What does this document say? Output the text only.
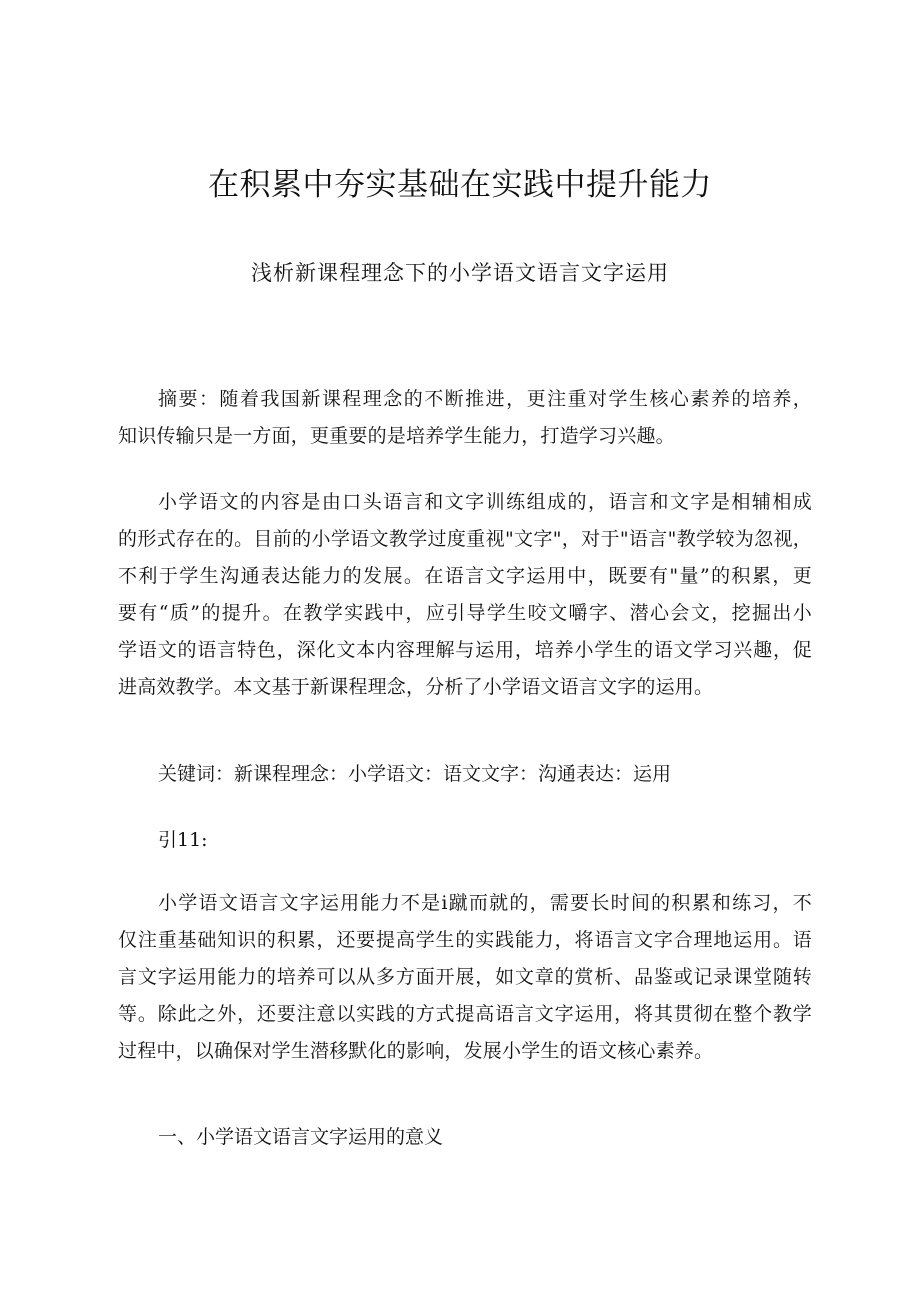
在积累中夯实基础在实践中提升能力
浅析新课程理念下的小学语文语言文字运用
摘要：随着我国新课程理念的不断推进，更注重对学生核心素养的培养，
知识传输只是一方面，更重要的是培养学生能力，打造学习兴趣。
小学语文的内容是由口头语言和文字训练组成的，语言和文字是相辅相成
的形式存在的。目前的小学语文教学过度重视"文字"，对于"语言"教学较为忽视，
不利于学生沟通表达能力的发展。在语言文字运用中，既要有"量”的积累，更
要有“质”的提升。在教学实践中，应引导学生咬文嚼字、潜心会文，挖掘出小
学语文的语言特色，深化文本内容理解与运用，培养小学生的语文学习兴趣，促
进高效教学。本文基于新课程理念，分析了小学语文语言文字的运用。
关键词：新课程理念：小学语文：语文文字：沟通表达：运用
引11:
小学语文语言文字运用能力不是i蹴而就的，需要长时间的积累和练习，不
仅注重基础知识的积累，还要提高学生的实践能力，将语言文字合理地运用。语
言文字运用能力的培养可以从多方面开展，如文章的赏析、品鉴或记录课堂随转
等。除此之外，还要注意以实践的方式提高语言文字运用，将其贯彻在整个教学
过程中，以确保对学生潜移默化的影响，发展小学生的语文核心素养。
一、小学语文语言文字运用的意义
